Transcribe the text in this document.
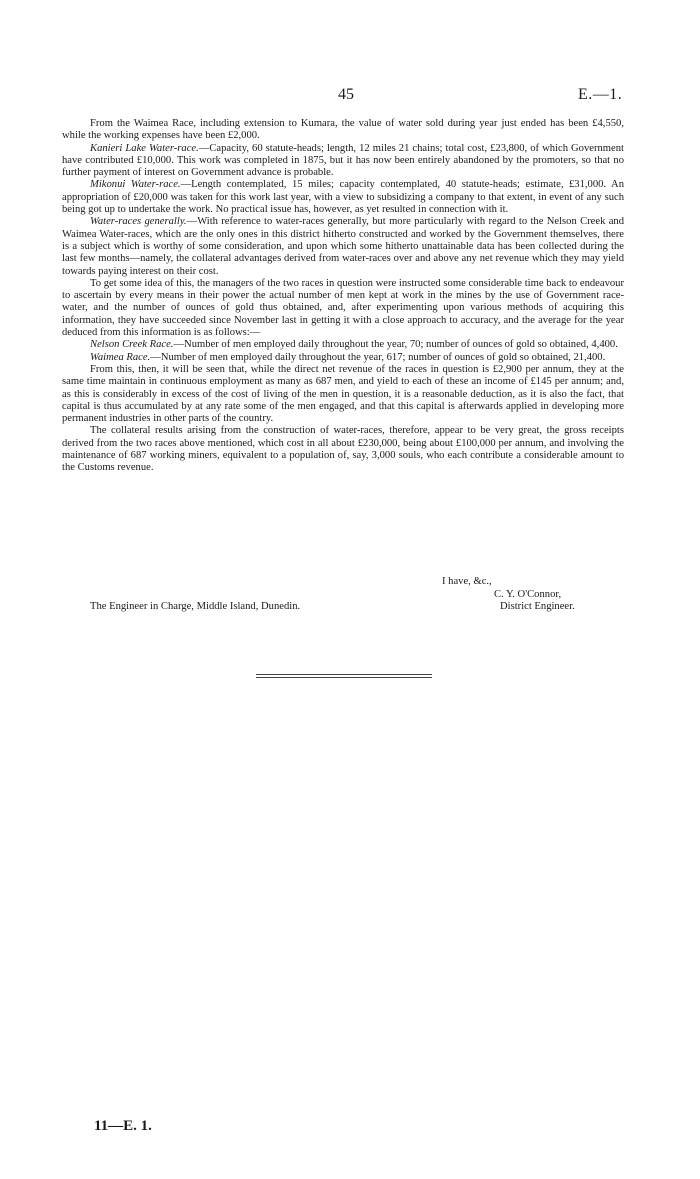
45	E.—1.

From the Waimea Race, including extension to Kumara, the value of water sold during year just ended has been £4,550, while the working expenses have been £2,000.

Kanieri Lake Water-race.—Capacity, 60 statute-heads; length, 12 miles 21 chains; total cost, £23,800, of which Government have contributed £10,000. This work was completed in 1875, but it has now been entirely abandoned by the promoters, so that no further payment of interest on Government advance is probable.

Mikonui Water-race.—Length contemplated, 15 miles; capacity contemplated, 40 statute-heads; estimate, £31,000. An appropriation of £20,000 was taken for this work last year, with a view to subsidizing a company to that extent, in event of any such being got up to undertake the work. No practical issue has, however, as yet resulted in connection with it.

Water-races generally.—With reference to water-races generally, but more particularly with regard to the Nelson Creek and Waimea Water-races, which are the only ones in this district hitherto constructed and worked by the Government themselves, there is a subject which is worthy of some consideration, and upon which some hitherto unattainable data has been collected during the last few months—namely, the collateral advantages derived from water-races over and above any net revenue which they may yield towards paying interest on their cost.

To get some idea of this, the managers of the two races in question were instructed some considerable time back to endeavour to ascertain by every means in their power the actual number of men kept at work in the mines by the use of Government race-water, and the number of ounces of gold thus obtained, and, after experimenting upon various methods of acquiring this information, they have succeeded since November last in getting it with a close approach to accuracy, and the average for the year deduced from this information is as follows:—

Nelson Creek Race.—Number of men employed daily throughout the year, 70; number of ounces of gold so obtained, 4,400.

Waimea Race.—Number of men employed daily throughout the year, 617; number of ounces of gold so obtained, 21,400.

From this, then, it will be seen that, while the direct net revenue of the races in question is £2,900 per annum, they at the same time maintain in continuous employment as many as 687 men, and yield to each of these an income of £145 per annum; and, as this is considerably in excess of the cost of living of the men in question, it is a reasonable deduction, as it is also the fact, that capital is thus accumulated by at any rate some of the men engaged, and that this capital is afterwards applied in developing more permanent industries in other parts of the country.

The collateral results arising from the construction of water-races, therefore, appear to be very great, the gross receipts derived from the two races above mentioned, which cost in all about £230,000, being about £100,000 per annum, and involving the maintenance of 687 working miners, equivalent to a population of, say, 3,000 souls, who each contribute a considerable amount to the Customs revenue.

I have, &c.,
C. Y. O'Connor,
District Engineer.
The Engineer in Charge, Middle Island, Dunedin.
11—E. 1.
